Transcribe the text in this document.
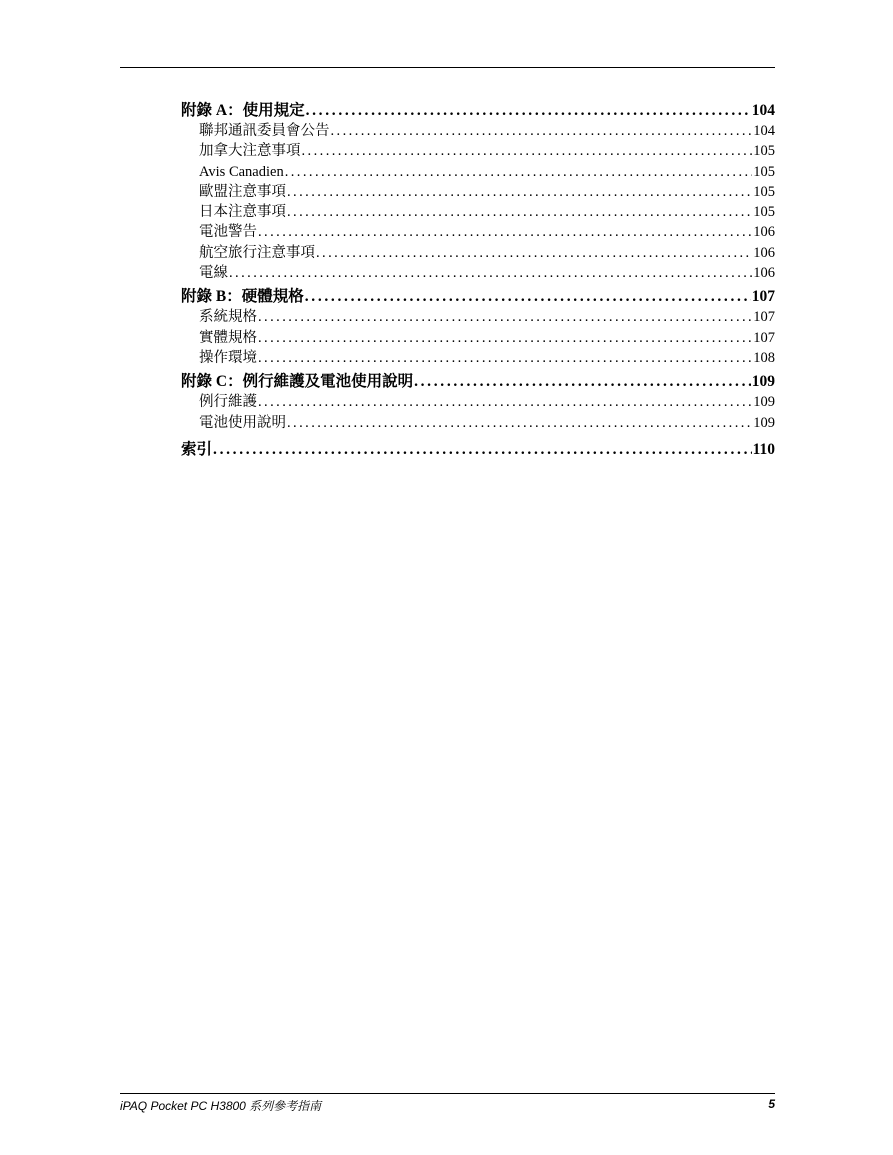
附錄 A：使用規定 . . .	104
聯邦通訊委員會公告 . . .	104
加拿大注意事項 . . .	105
Avis Canadien . . .	105
歐盟注意事項 . . .	105
日本注意事項 . . .	105
電池警告 . . .	106
航空旅行注意事項 . . .	106
電線 . . .	106
附錄 B：硬體規格 . . .	107
系統規格 . . .	107
實體規格 . . .	107
操作環境 . . .	108
附錄 C：例行維護及電池使用說明 . . .	109
例行維護 . . .	109
電池使用說明 . . .	109
索引 . . .	110
iPAQ Pocket PC H3800 系列參考指南	5
